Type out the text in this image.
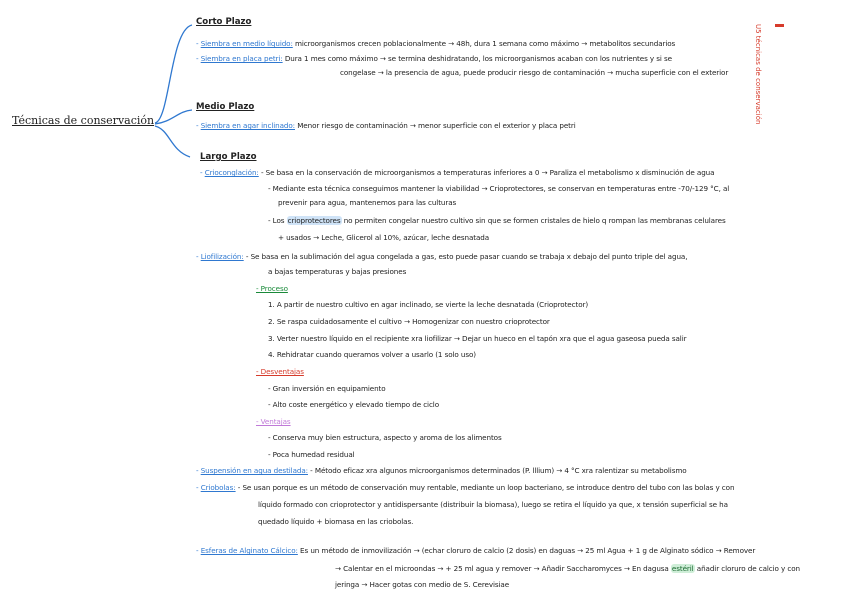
Técnicas de conservación	U5 técnicas de conservación
Corto Plazo
- Siembra en medio líquido: microorganismos crecen poblacionalmente → 48h, dura 1 semana como máximo → metabolitos secundarios
- Siembra en placa petri: Dura 1 mes como máximo → se termina deshidratando, los microorganismos acaban con los nutrientes y si se
congelase → la presencia de agua, puede producir riesgo de contaminación → mucha superficie con el exterior
Medio Plazo
- Siembra en agar inclinado: Menor riesgo de contaminación → menor superficie con el exterior y placa petri
Largo Plazo
- Crioconglación: - Se basa en la conservación de microorganismos a temperaturas inferiores a 0 → Paraliza el metabolismo x disminución de agua
- Mediante esta técnica conseguimos mantener la viabilidad → Crioprotectores, se conservan en temperaturas entre -70/-129 °C, al
prevenir para agua, mantenemos para las culturas
- Los crioprotectores no permiten congelar nuestro cultivo sin que se formen cristales de hielo q rompan las membranas celulares
+ usados → Leche, Glicerol al 10%, azúcar, leche desnatada
- Liofilización: - Se basa en la sublimación del agua congelada a gas, esto puede pasar cuando se trabaja x debajo del punto triple del agua,
a bajas temperaturas y bajas presiones
- Proceso
1. A partir de nuestro cultivo en agar inclinado, se vierte la leche desnatada (Crioprotector)
2. Se raspa cuidadosamente el cultivo → Homogenizar con nuestro crioprotector
3. Verter nuestro líquido en el recipiente xra liofilizar → Dejar un hueco en el tapón xra que el agua gaseosa pueda salir
4. Rehidratar cuando queramos volver a usarlo (1 solo uso)
- Desventajas
- Gran inversión en equipamiento
- Alto coste energético y elevado tiempo de ciclo
- Ventajas
- Conserva muy bien estructura, aspecto y aroma de los alimentos
- Poca humedad residual
- Suspensión en agua destilada: - Método eficaz xra algunos microorganismos determinados (P. lllium) → 4 °C xra ralentizar su metabolismo
- Criobolas: - Se usan porque es un método de conservación muy rentable, mediante un loop bacteriano, se introduce dentro del tubo con las bolas y con
líquido formado con crioprotector y antidispersante (distribuir la biomasa), luego se retira el líquido ya que, x tensión superficial se ha
quedado líquido + biomasa en las criobolas.
- Esferas de Alginato Cálcico: Es un método de inmovilización → (echar cloruro de calcio (2 dosis) en daguas → 25 ml Agua + 1 g de Alginato sódico → Remover
→ Calentar en el microondas → + 25 ml agua y remover → Añadir Saccharomyces → En dagusa estéril añadir cloruro de calcio y con
jeringa → Hacer gotas con medio de S. Cerevisiae
